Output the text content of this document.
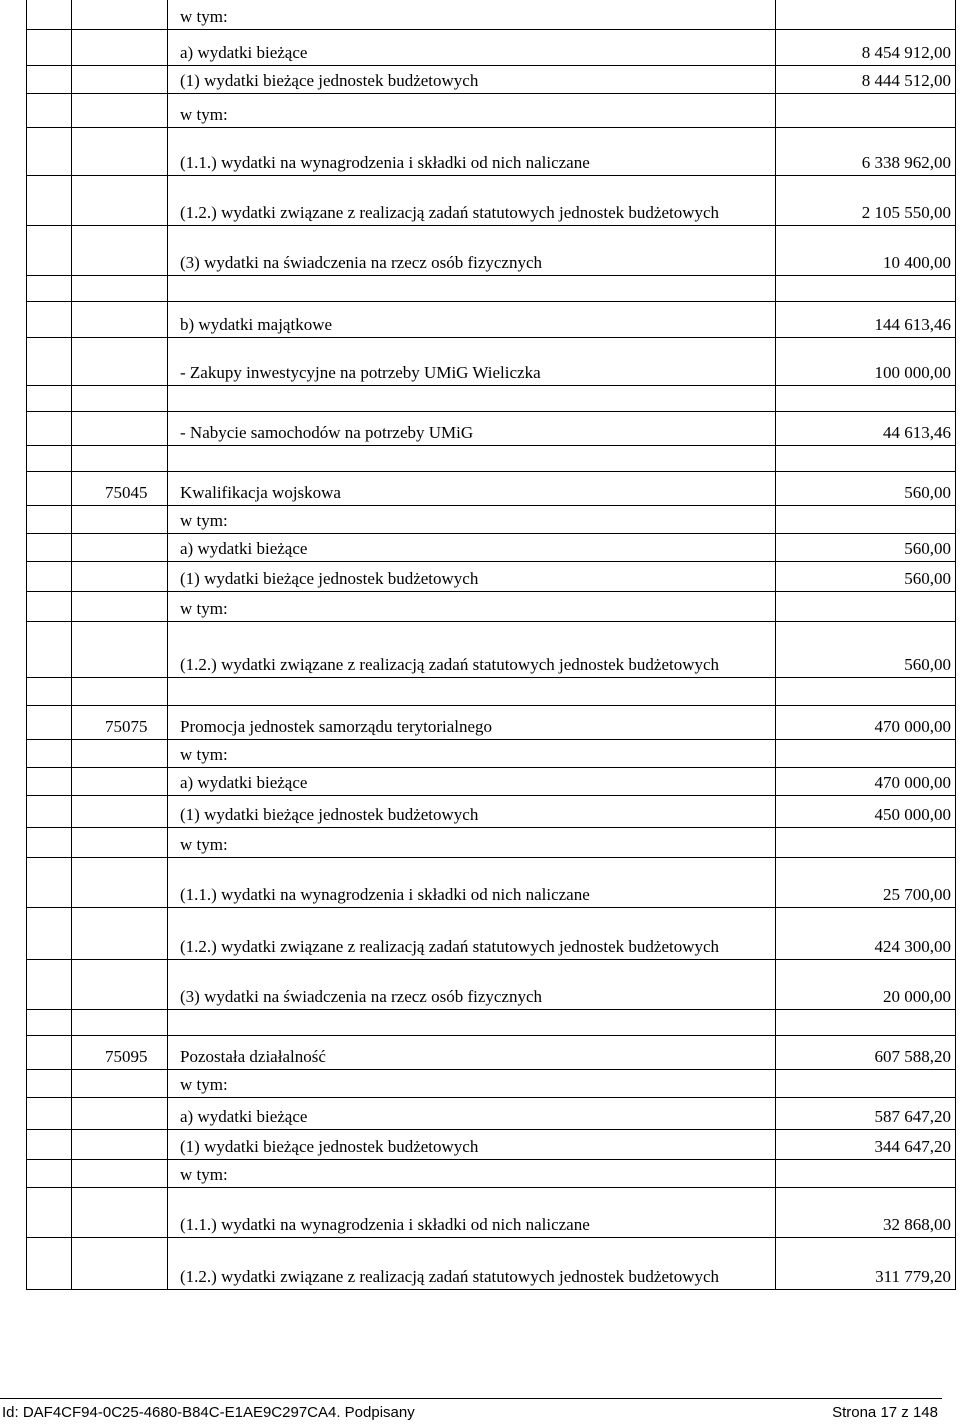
w tym:
a) wydatki bieżące	8 454 912,00
(1) wydatki bieżące jednostek budżetowych	8 444 512,00
w tym:
(1.1.) wydatki na wynagrodzenia i składki od nich naliczane	6 338 962,00
(1.2.) wydatki związane z realizacją zadań statutowych jednostek budżetowych	2 105 550,00
(3) wydatki na świadczenia na rzecz osób fizycznych	10 400,00
b) wydatki majątkowe	144 613,46
- Zakupy inwestycyjne na potrzeby UMiG Wieliczka	100 000,00
- Nabycie samochodów na potrzeby UMiG	44 613,46
75045 Kwalifikacja wojskowa	560,00
w tym:
a) wydatki bieżące	560,00
(1) wydatki bieżące jednostek budżetowych	560,00
w tym:
(1.2.) wydatki związane z realizacją zadań statutowych jednostek budżetowych	560,00
75075 Promocja jednostek samorządu terytorialnego	470 000,00
w tym:
a) wydatki bieżące	470 000,00
(1) wydatki bieżące jednostek budżetowych	450 000,00
w tym:
(1.1.) wydatki na wynagrodzenia i składki od nich naliczane	25 700,00
(1.2.) wydatki związane z realizacją zadań statutowych jednostek budżetowych	424 300,00
(3) wydatki na świadczenia na rzecz osób fizycznych	20 000,00
75095 Pozostała działalność	607 588,20
w tym:
a) wydatki bieżące	587 647,20
(1) wydatki bieżące jednostek budżetowych	344 647,20
w tym:
(1.1.) wydatki na wynagrodzenia i składki od nich naliczane	32 868,00
(1.2.) wydatki związane z realizacją zadań statutowych jednostek budżetowych	311 779,20
Id: DAF4CF94-0C25-4680-B84C-E1AE9C297CA4. Podpisany	Strona 17 z 148
